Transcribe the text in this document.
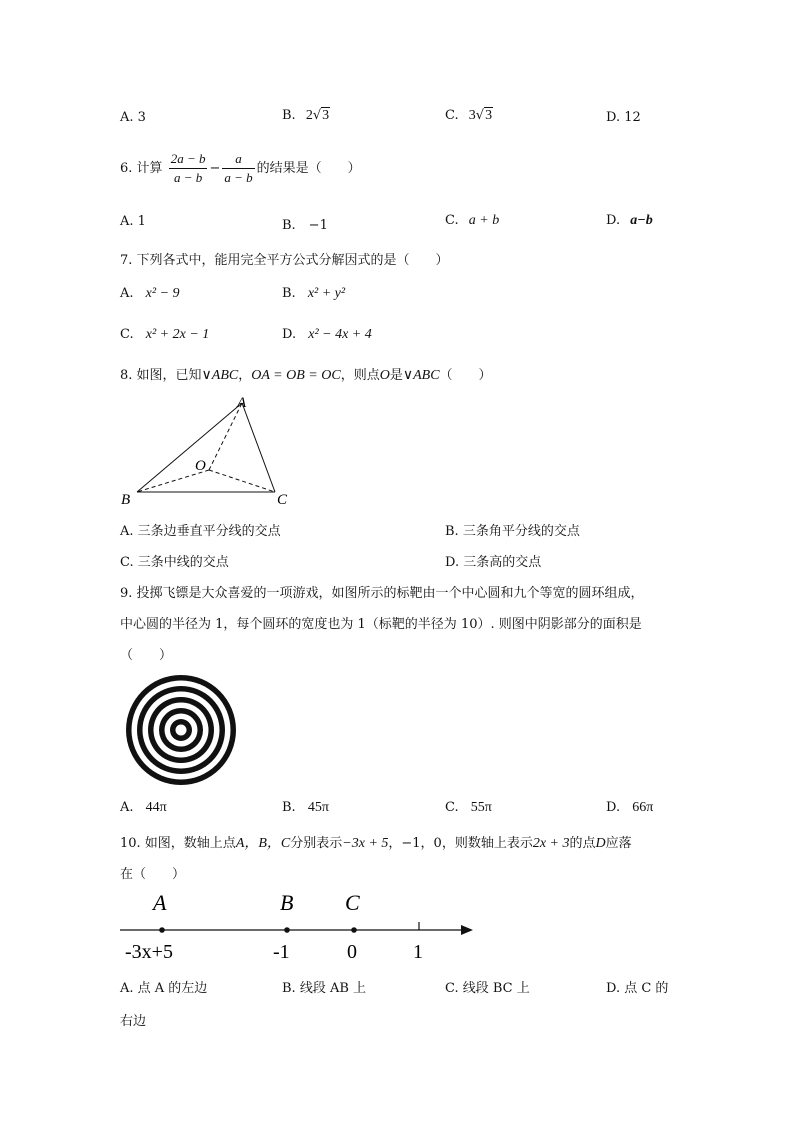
A. 3	B. 2√3	C. 3√3	D. 12
6. 计算 $\frac{2a - b}{a - b} - \frac{a}{a - b}$ 的结果是（　　）
A. 1	B.　−1	C. a + b	D. a−b
7. 下列各式中，能用完全平方公式分解因式的是（　　）
A. x² − 9	B. x² + y²
C. x² + 2x − 1	D. x² − 4x + 4
8. 如图，已知∨ABC，OA = OB = OC，则点O是∨ABC（　　）
A
B	C
O
A. 三条边垂直平分线的交点	B. 三条角平分线的交点
C. 三条中线的交点	D. 三条高的交点
9. 投掷飞镖是大众喜爱的一项游戏，如图所示的标靶由一个中心圆和九个等宽的圆环组成，
中心圆的半径为 1，每个圆环的宽度也为 1（标靶的半径为 10）. 则图中阴影部分的面积是
（　　）
A. 44π	B. 45π	C. 55π	D. 66π
10. 如图，数轴上点A，B，C分别表示−3x + 5，−1，0，则数轴上表示2x + 3的点D应落
在（　　）
A	B C
-3x+5	-1	0	1
A. 点 A 的左边	B. 线段 AB 上	C. 线段 BC 上	D. 点 C 的
右边
